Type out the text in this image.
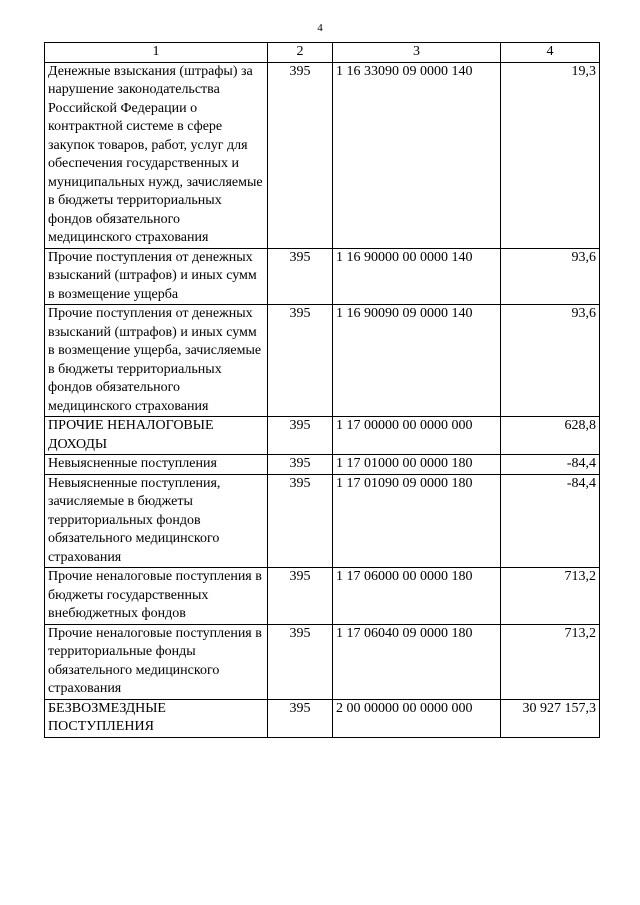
4
1	2	3	4
Денежные взыскания (штрафы) за нарушение законодательства Российской Федерации о контрактной системе в сфере закупок товаров, работ, услуг для обеспечения государственных и муниципальных нужд, зачисляемые в бюджеты территориальных фондов обязательного медицинского страхования	395	1 16 33090 09 0000 140	19,3
Прочие поступления от денежных взысканий (штрафов) и иных сумм в возмещение ущерба	395	1 16 90000 00 0000 140	93,6
Прочие поступления от денежных взысканий (штрафов) и иных сумм в возмещение ущерба, зачисляемые в бюджеты территориальных фондов обязательного медицинского страхования	395	1 16 90090 09 0000 140	93,6
ПРОЧИЕ НЕНАЛОГОВЫЕ ДОХОДЫ	395	1 17 00000 00 0000 000	628,8
Невыясненные поступления	395	1 17 01000 00 0000 180	-84,4
Невыясненные поступления, зачисляемые в бюджеты территориальных фондов обязательного медицинского страхования	395	1 17 01090 09 0000 180	-84,4
Прочие неналоговые поступления в бюджеты государственных внебюджетных фондов	395	1 17 06000 00 0000 180	713,2
Прочие неналоговые поступления в территориальные фонды обязательного медицинского страхования	395	1 17 06040 09 0000 180	713,2
БЕЗВОЗМЕЗДНЫЕ ПОСТУПЛЕНИЯ	395	2 00 00000 00 0000 000	30 927 157,3
